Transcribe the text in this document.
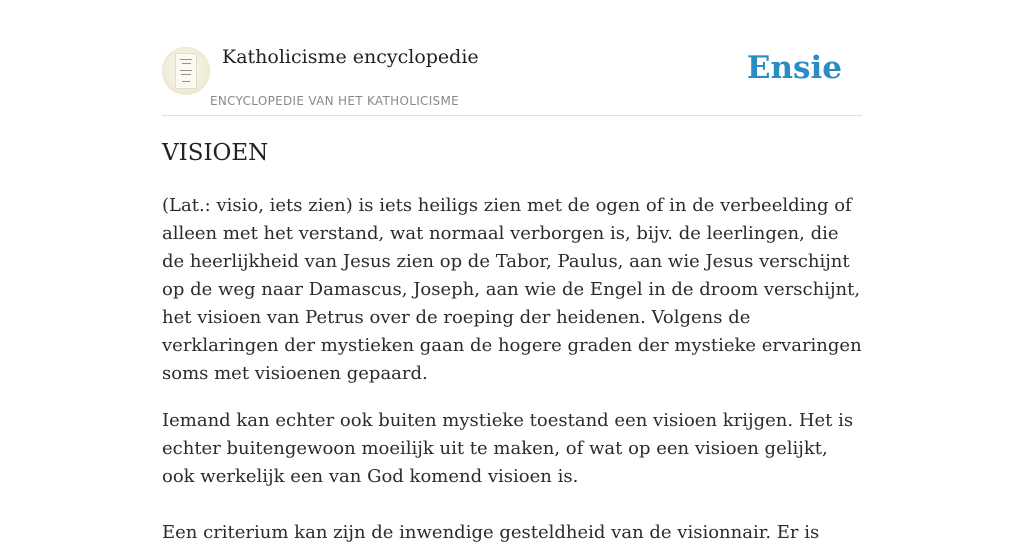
Katholicisme encyclopedie
ENCYCLOPEDIE VAN HET KATHOLICISME
Ensie
VISIOEN

(Lat.: visio, iets zien) is iets heiligs zien met de ogen of in de verbeelding of alleen met het verstand, wat normaal verborgen is, bijv. de leerlingen, die de heerlijkheid van Jesus zien op de Tabor, Paulus, aan wie Jesus verschijnt op de weg naar Damascus, Joseph, aan wie de Engel in de droom verschijnt, het visioen van Petrus over de roeping der heidenen. Volgens de verklaringen der mystieken gaan de hogere graden der mystieke ervaringen soms met visioenen gepaard.

Iemand kan echter ook buiten mystieke toestand een visioen krijgen. Het is echter buitengewoon moeilijk uit te maken, of wat op een visioen gelijkt, ook werkelijk een van God komend visioen is.

Een criterium kan zijn de inwendige gesteldheid van de visionnair. Er is
